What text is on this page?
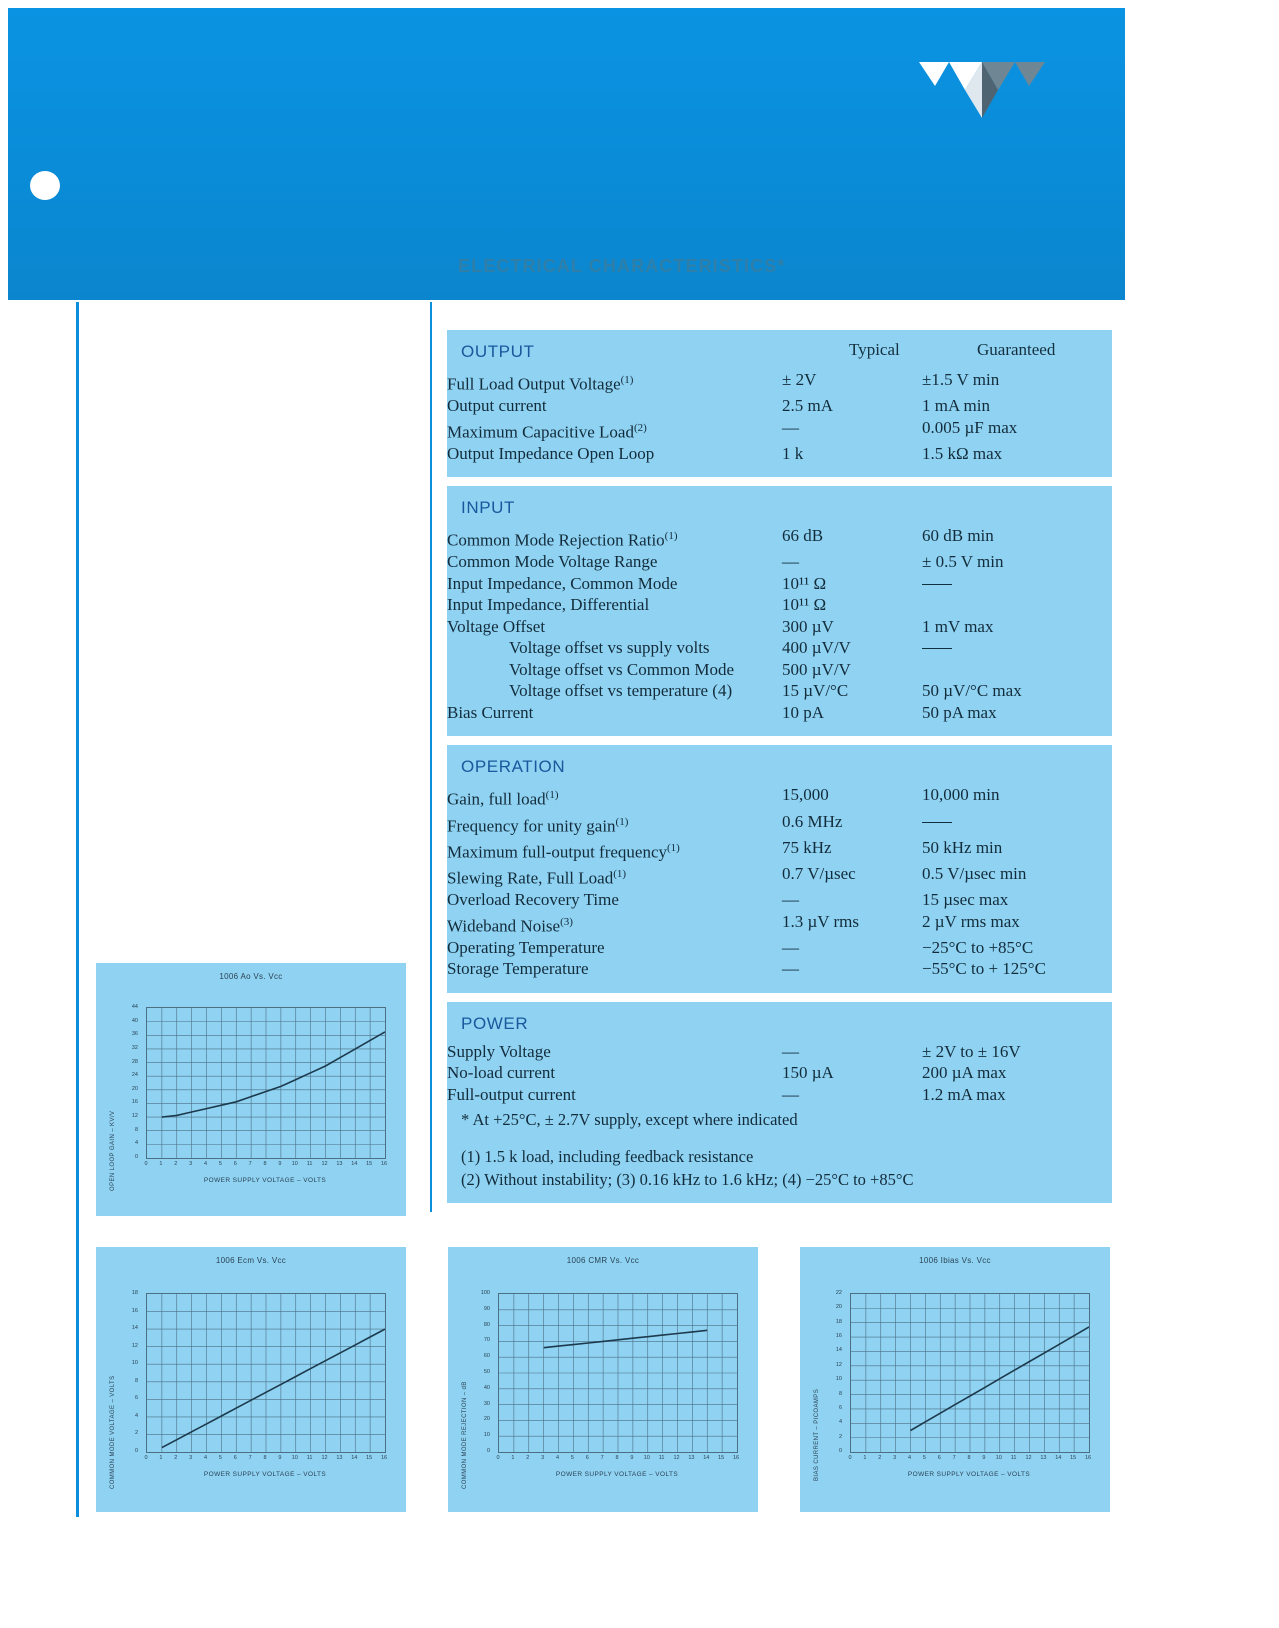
ELECTRICAL CHARACTERISTICS*
Typical	Guaranteed
OUTPUT
Full Load Output Voltage$^{(1)}$	± 2V	±1.5 V min
Output current	2.5 mA	1 mA min
Maximum Capacitive Load$^{(2)}$	—	0.005 µF max
Output Impedance Open Loop	1 k	1.5 kΩ max
INPUT
Common Mode Rejection Ratio$^{(1)}$	66 dB	60 dB min
Common Mode Voltage Range	—	± 0.5 V min
Input Impedance, Common Mode	10¹¹ Ω	
Input Impedance, Differential	10¹¹ Ω	
Voltage Offset	300 µV	1 mV max
Voltage offset vs supply volts	400 µV/V	
Voltage offset vs Common Mode	500 µV/V	
Voltage offset vs temperature (4)	15 µV/°C	50 µV/°C max
Bias Current	10 pA	50 pA max
OPERATION
Gain, full load$^{(1)}$	15,000	10,000 min
Frequency for unity gain$^{(1)}$	0.6 MHz	
Maximum full-output frequency$^{(1)}$	75 kHz	50 kHz min
Slewing Rate, Full Load$^{(1)}$	0.7 V/µsec	0.5 V/µsec min
Overload Recovery Time	—	15 µsec max
Wideband Noise$^{(3)}$	1.3 µV rms	2 µV rms max
Operating Temperature	—	−25°C to +85°C
Storage Temperature	—	−55°C to + 125°C
POWER
Supply Voltage	—	± 2V to ± 16V
No-load current	150 µA	200 µA max
Full-output current	—	1.2 mA max
* At +25°C, ± 2.7V supply, except where indicated
(1) 1.5 k load, including feedback resistance
(2) Without instability; (3) 0.16 kHz to 1.6 kHz; (4) −25°C to +85°C
1006 Ao Vs. Vcc
OPEN LOOP GAIN – KV/V
44
40
36
32
28
24
20
16
12
8
4
0
0 1 2 3 4 5 6 7 8 9 10 11 12 13 14 15 16
POWER SUPPLY VOLTAGE – VOLTS
1006 Ecm Vs. Vcc
COMMON MODE VOLTAGE – VOLTS
18
16
14
12
10
8
6
4
2
0
0 1 2 3 4 5 6 7 8 9 10 11 12 13 14 15 16
POWER SUPPLY VOLTAGE – VOLTS
1006 CMR Vs. Vcc
COMMON MODE REJECTION – dB
100
90
80
70
60
50
40
30
20
10
0
0 1 2 3 4 5 6 7 8 9 10 11 12 13 14 15 16
POWER SUPPLY VOLTAGE – VOLTS
1006 Ibias Vs. Vcc
BIAS CURRENT – PICOAMPS
22
20
18
16
14
12
10
8
6
4
2
0
0 1 2 3 4 5 6 7 8 9 10 11 12 13 14 15 16
POWER SUPPLY VOLTAGE – VOLTS
